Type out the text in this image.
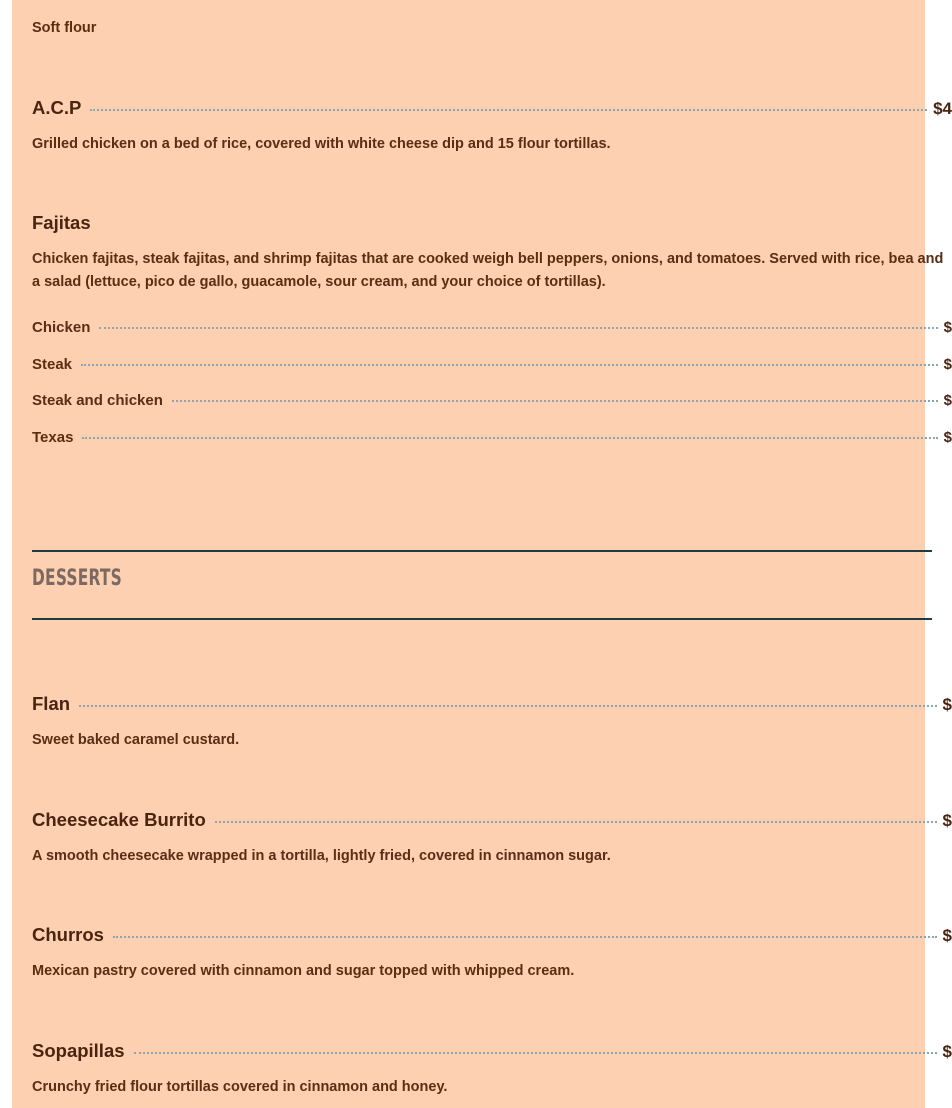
Soft flour
A.C.P	$4
Grilled chicken on a bed of rice, covered with white cheese dip and 15 flour tortillas.
Fajitas
Chicken fajitas, steak fajitas, and shrimp fajitas that are cooked weigh bell peppers, onions, and tomatoes. Served with rice, bea and a salad (lettuce, pico de gallo, guacamole, sour cream, and your choice of tortillas).
Chicken	$
Steak	$
Steak and chicken	$
Texas	$
DESSERTS
Flan	$
Sweet baked caramel custard.
Cheesecake Burrito	$
A smooth cheesecake wrapped in a tortilla, lightly fried, covered in cinnamon sugar.
Churros	$
Mexican pastry covered with cinnamon and sugar topped with whipped cream.
Sopapillas	$
Crunchy fried flour tortillas covered in cinnamon and honey.
